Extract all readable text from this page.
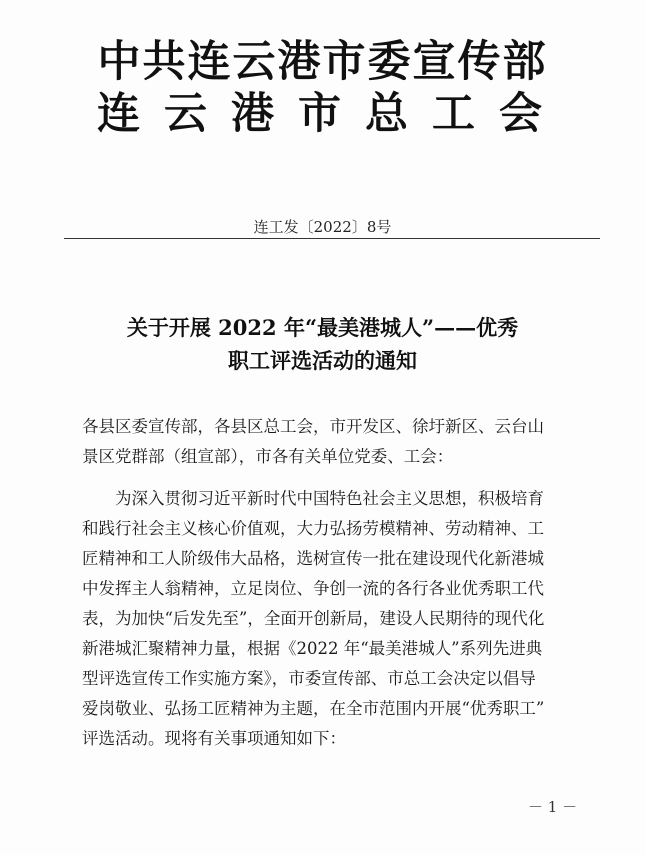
中共连云港市委宣传部
连云港市总工会
连工发〔2022〕8号
关于开展 2022 年“最美港城人”——优秀
职工评选活动的通知
各县区委宣传部，各县区总工会，市开发区、徐圩新区、云台山
景区党群部（组宣部），市各有关单位党委、工会：
　　为深入贯彻习近平新时代中国特色社会主义思想，积极培育
和践行社会主义核心价值观，大力弘扬劳模精神、劳动精神、工
匠精神和工人阶级伟大品格，选树宣传一批在建设现代化新港城
中发挥主人翁精神，立足岗位、争创一流的各行各业优秀职工代
表，为加快“后发先至”，全面开创新局，建设人民期待的现代化
新港城汇聚精神力量，根据《2022 年“最美港城人”系列先进典
型评选宣传工作实施方案》，市委宣传部、市总工会决定以倡导
爱岗敬业、弘扬工匠精神为主题，在全市范围内开展“优秀职工”
评选活动。现将有关事项通知如下：
－ 1 －
